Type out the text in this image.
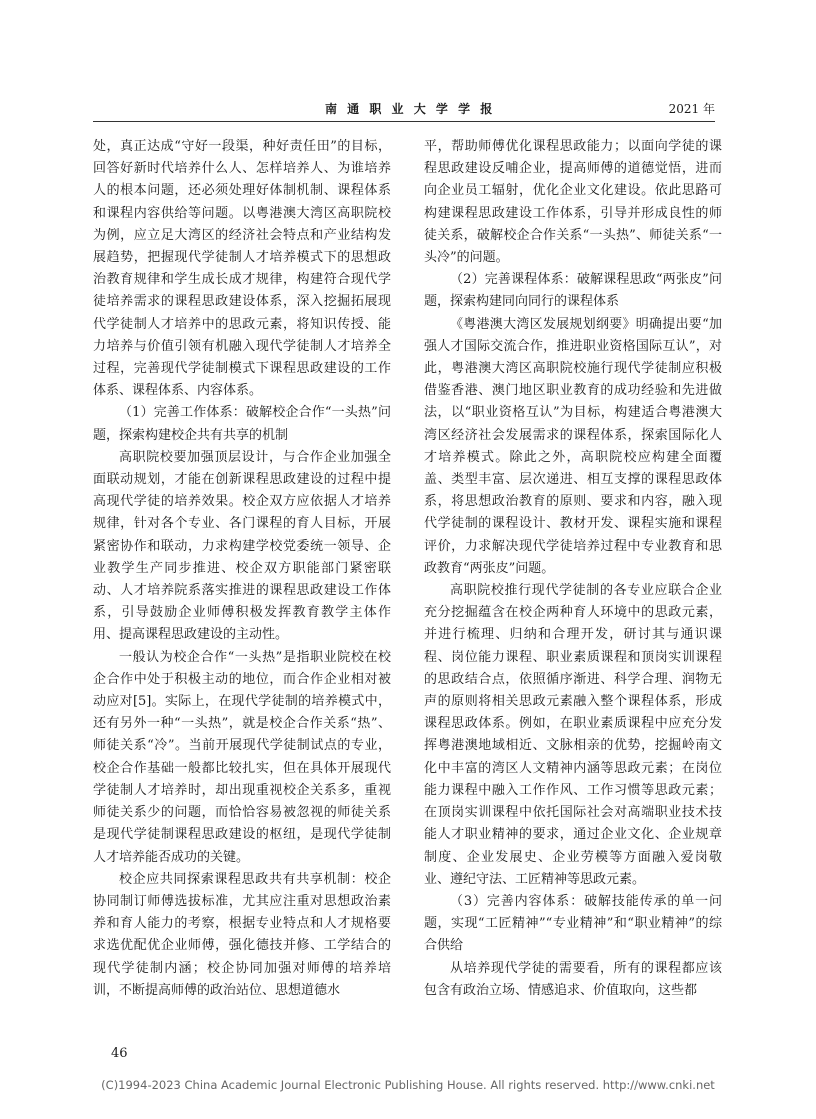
南 通 职 业 大 学 学 报	2021 年

处，真正达成“守好一段渠，种好责任田”的目标，回答好新时代培养什么人、怎样培养人、为谁培养人的根本问题，还必须处理好体制机制、课程体系和课程内容供给等问题。以粤港澳大湾区高职院校为例，应立足大湾区的经济社会特点和产业结构发展趋势，把握现代学徒制人才培养模式下的思想政治教育规律和学生成长成才规律，构建符合现代学徒培养需求的课程思政建设体系，深入挖掘拓展现代学徒制人才培养中的思政元素，将知识传授、能力培养与价值引领有机融入现代学徒制人才培养全过程，完善现代学徒制模式下课程思政建设的工作体系、课程体系、内容体系。

（1）完善工作体系：破解校企合作“一头热”问题，探索构建校企共有共享的机制

高职院校要加强顶层设计，与合作企业加强全面联动规划，才能在创新课程思政建设的过程中提高现代学徒的培养效果。校企双方应依据人才培养规律，针对各个专业、各门课程的育人目标，开展紧密协作和联动，力求构建学校党委统一领导、企业教学生产同步推进、校企双方职能部门紧密联动、人才培养院系落实推进的课程思政建设工作体系，引导鼓励企业师傅积极发挥教育教学主体作用、提高课程思政建设的主动性。

一般认为校企合作“一头热”是指职业院校在校企合作中处于积极主动的地位，而合作企业相对被动应对[5]。实际上，在现代学徒制的培养模式中，还有另外一种“一头热”，就是校企合作关系“热”、师徒关系“冷”。当前开展现代学徒制试点的专业，校企合作基础一般都比较扎实，但在具体开展现代学徒制人才培养时，却出现重视校企关系多，重视师徒关系少的问题，而恰恰容易被忽视的师徒关系是现代学徒制课程思政建设的枢纽，是现代学徒制人才培养能否成功的关键。

校企应共同探索课程思政共有共享机制：校企协同制订师傅选拔标准，尤其应注重对思想政治素养和育人能力的考察，根据专业特点和人才规格要求选优配优企业师傅，强化德技并修、工学结合的现代学徒制内涵；校企协同加强对师傅的培养培训，不断提高师傅的政治站位、思想道德水

平，帮助师傅优化课程思政能力；以面向学徒的课程思政建设反哺企业，提高师傅的道德觉悟，进而向企业员工辐射，优化企业文化建设。依此思路可构建课程思政建设工作体系，引导并形成良性的师徒关系，破解校企合作关系“一头热”、师徒关系“一头冷”的问题。

（2）完善课程体系：破解课程思政“两张皮”问题，探索构建同向同行的课程体系

《粤港澳大湾区发展规划纲要》明确提出要“加强人才国际交流合作，推进职业资格国际互认”，对此，粤港澳大湾区高职院校施行现代学徒制应积极借鉴香港、澳门地区职业教育的成功经验和先进做法，以“职业资格互认”为目标，构建适合粤港澳大湾区经济社会发展需求的课程体系，探索国际化人才培养模式。除此之外，高职院校应构建全面覆盖、类型丰富、层次递进、相互支撑的课程思政体系，将思想政治教育的原则、要求和内容，融入现代学徒制的课程设计、教材开发、课程实施和课程评价，力求解决现代学徒培养过程中专业教育和思政教育“两张皮”问题。

高职院校推行现代学徒制的各专业应联合企业充分挖掘蕴含在校企两种育人环境中的思政元素，并进行梳理、归纳和合理开发，研讨其与通识课程、岗位能力课程、职业素质课程和顶岗实训课程的思政结合点，依照循序渐进、科学合理、润物无声的原则将相关思政元素融入整个课程体系，形成课程思政体系。例如，在职业素质课程中应充分发挥粤港澳地域相近、文脉相亲的优势，挖掘岭南文化中丰富的湾区人文精神内涵等思政元素；在岗位能力课程中融入工作作风、工作习惯等思政元素；在顶岗实训课程中依托国际社会对高端职业技术技能人才职业精神的要求，通过企业文化、企业规章制度、企业发展史、企业劳模等方面融入爱岗敬业、遵纪守法、工匠精神等思政元素。

（3）完善内容体系：破解技能传承的单一问题，实现“工匠精神”“专业精神”和“职业精神”的综合供给

从培养现代学徒的需要看，所有的课程都应该包含有政治立场、情感追求、价值取向，这些都

46
(C)1994-2023 China Academic Journal Electronic Publishing House. All rights reserved. http://www.cnki.net
